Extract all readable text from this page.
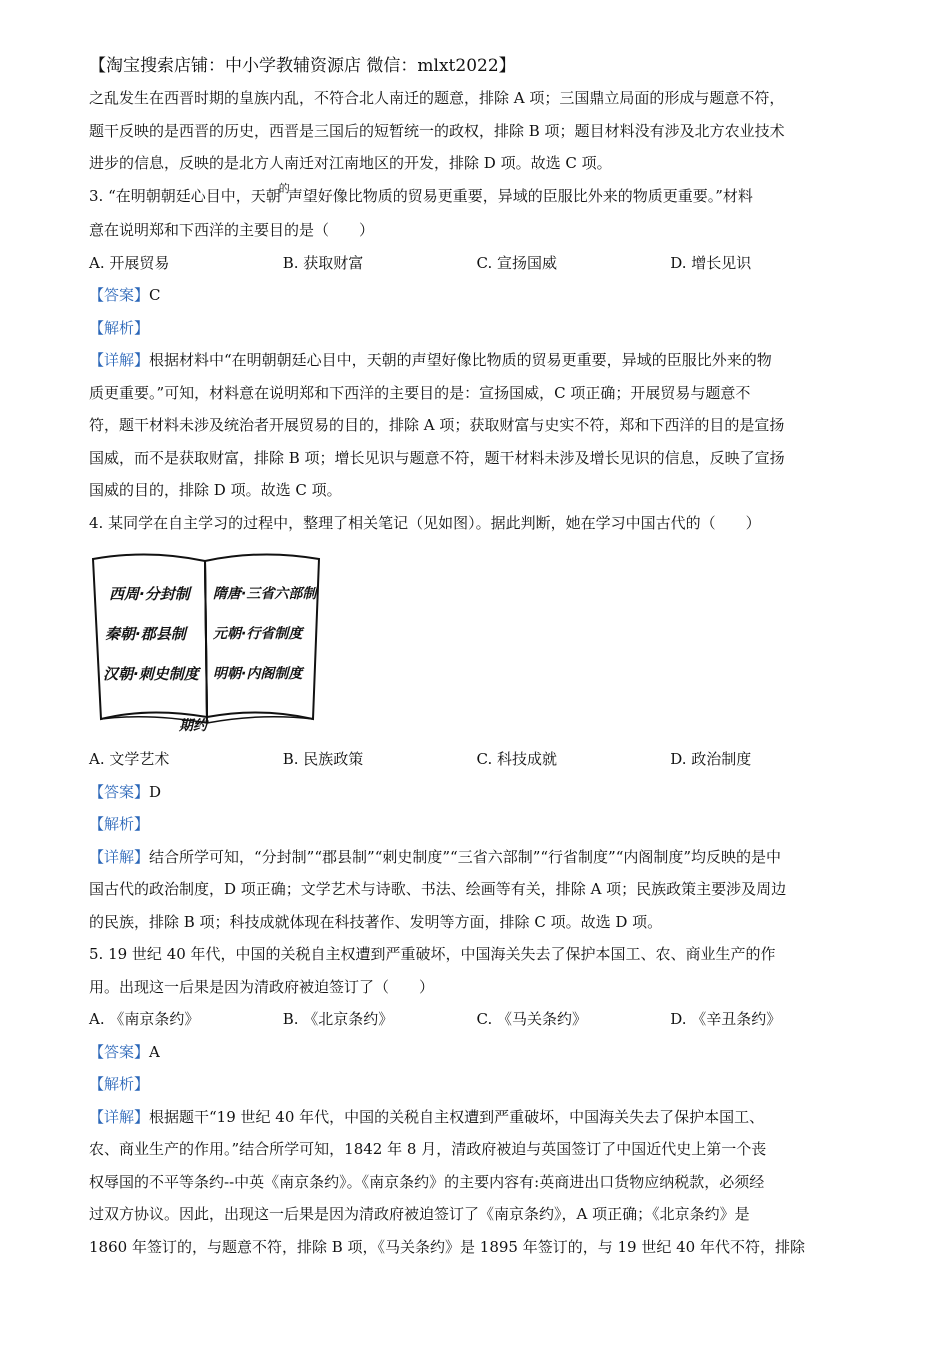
【淘宝搜索店铺：中小学教辅资源店 微信：mlxt2022】
之乱发生在西晋时期的皇族内乱，不符合北人南迁的题意，排除 A 项；三国鼎立局面的形成与题意不符，
题干反映的是西晋的历史，西晋是三国后的短暂统一的政权，排除 B 项；题目材料没有涉及北方农业技术
进步的信息，反映的是北方人南迁对江南地区的开发，排除 D 项。故选 C 项。
3. “在明朝朝廷心目中，天朝$^的$声望好像比物质的贸易更重要，异域的臣服比外来的物质更重要。”材料
意在说明郑和下西洋的主要目的是（　　）
A. 开展贸易	B. 获取财富	C. 宣扬国威	D. 增长见识
【答案】C
【解析】
【详解】根据材料中“在明朝朝廷心目中，天朝的声望好像比物质的贸易更重要，异域的臣服比外来的物
质更重要。”可知，材料意在说明郑和下西洋的主要目的是：宣扬国威，C 项正确；开展贸易与题意不
符，题干材料未涉及统治者开展贸易的目的，排除 A 项；获取财富与史实不符，郑和下西洋的目的是宣扬
国威，而不是获取财富，排除 B 项；增长见识与题意不符，题干材料未涉及增长见识的信息，反映了宣扬
国威的目的，排除 D 项。故选 C 项。
4. 某同学在自主学习的过程中，整理了相关笔记（见如图）。据此判断，她在学习中国古代的（　　）
西周·分封制
秦朝·郡县制
汉朝·刺史制度
隋唐·三省六部制
元朝·行省制度
明朝·内阁制度
期约
A. 文学艺术	B. 民族政策	C. 科技成就	D. 政治制度
【答案】D
【解析】
【详解】结合所学可知，“分封制”“郡县制”“刺史制度”“三省六部制”“行省制度”“内阁制度”均反映的是中
国古代的政治制度，D 项正确；文学艺术与诗歌、书法、绘画等有关，排除 A 项；民族政策主要涉及周边
的民族，排除 B 项；科技成就体现在科技著作、发明等方面，排除 C 项。故选 D 项。
5. 19 世纪 40 年代，中国的关税自主权遭到严重破坏，中国海关失去了保护本国工、农、商业生产的作
用。出现这一后果是因为清政府被迫签订了（　　）
A. 《南京条约》	B. 《北京条约》	C. 《马关条约》	D. 《辛丑条约》
【答案】A
【解析】
【详解】根据题干“19 世纪 40 年代，中国的关税自主权遭到严重破坏，中国海关失去了保护本国工、
农、商业生产的作用。”结合所学可知，1842 年 8 月，清政府被迫与英国签订了中国近代史上第一个丧
权辱国的不平等条约--中英《南京条约》。《南京条约》的主要内容有:英商进出口货物应纳税款，必须经
过双方协议。因此，出现这一后果是因为清政府被迫签订了《南京条约》，A 项正确；《北京条约》是
1860 年签订的，与题意不符，排除 B 项，《马关条约》是 1895 年签订的，与 19 世纪 40 年代不符，排除
